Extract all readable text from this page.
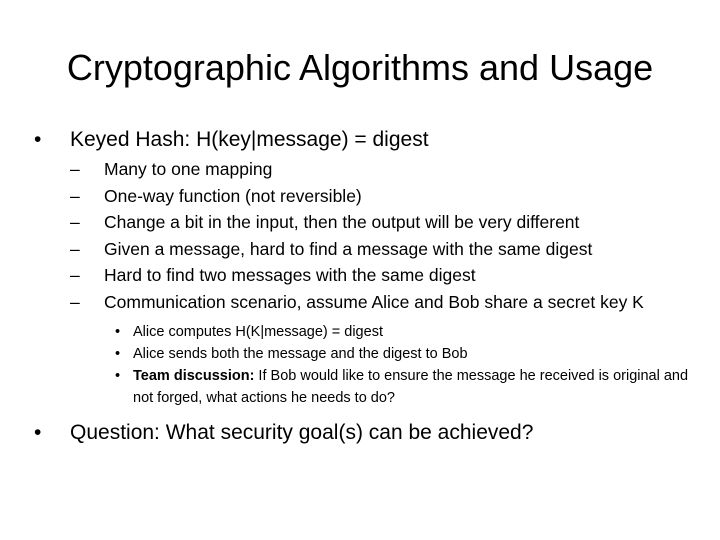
Cryptographic Algorithms and Usage
•	Keyed Hash: H(key|message) = digest
– Many to one mapping
– One-way function (not reversible)
– Change a bit in the input, then the output will be very different
– Given a message, hard to find a message with the same digest
– Hard to find two messages with the same digest
– Communication scenario, assume Alice and Bob share a secret key K
• Alice computes H(K|message) = digest
• Alice sends both the message and the digest to Bob
• Team discussion: If Bob would like to ensure the message he received is original and not forged, what actions he needs to do?
•	Question: What security goal(s) can be achieved?
